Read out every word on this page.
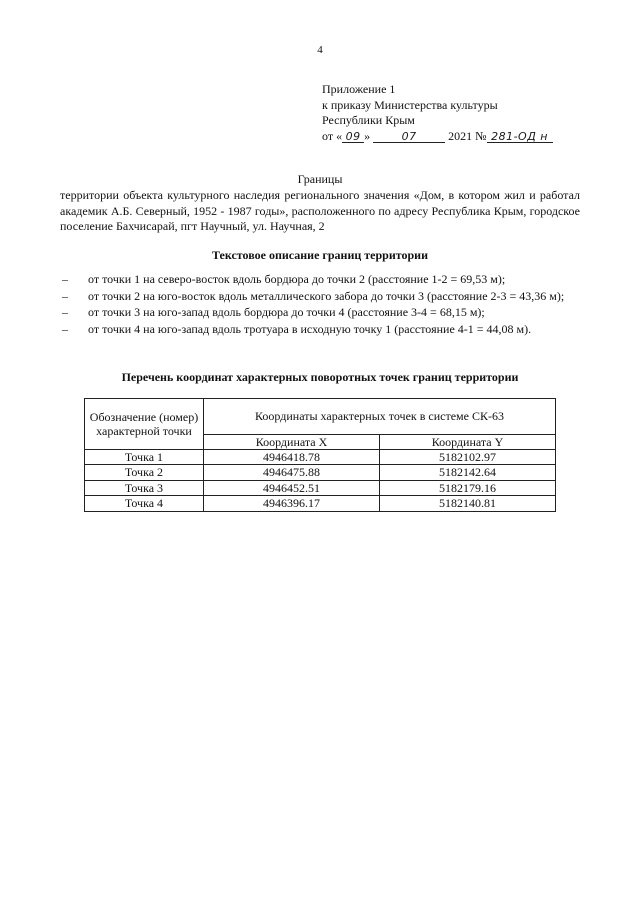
4
Приложение 1
к приказу Министерства культуры
Республики Крым
от « 09 »	07	2021 № 281-ОД н
Границы
территории объекта культурного наследия регионального значения «Дом, в котором жил и работал академик А.Б. Северный, 1952 - 1987 годы», расположенного по адресу Республика Крым, городское поселение Бахчисарай, пгт Научный, ул. Научная, 2
Текстовое описание границ территории
– от точки 1 на северо-восток вдоль бордюра до точки 2 (расстояние 1-2 = 69,53 м);
– от точки 2 на юго-восток вдоль металлического забора до точки 3 (расстояние 2-3 = 43,36 м);
– от точки 3 на юго-запад вдоль бордюра до точки 4 (расстояние 3-4 = 68,15 м);
– от точки 4 на юго-запад вдоль тротуара в исходную точку 1 (расстояние 4-1 = 44,08 м).
Перечень координат характерных поворотных точек границ территории
Обозначение (номер) характерной точки	Координаты характерных точек в системе СК-63	
	Координата X	Координата Y
Точка 1	4946418.78	5182102.97
Точка 2	4946475.88	5182142.64
Точка 3	4946452.51	5182179.16
Точка 4	4946396.17	5182140.81
